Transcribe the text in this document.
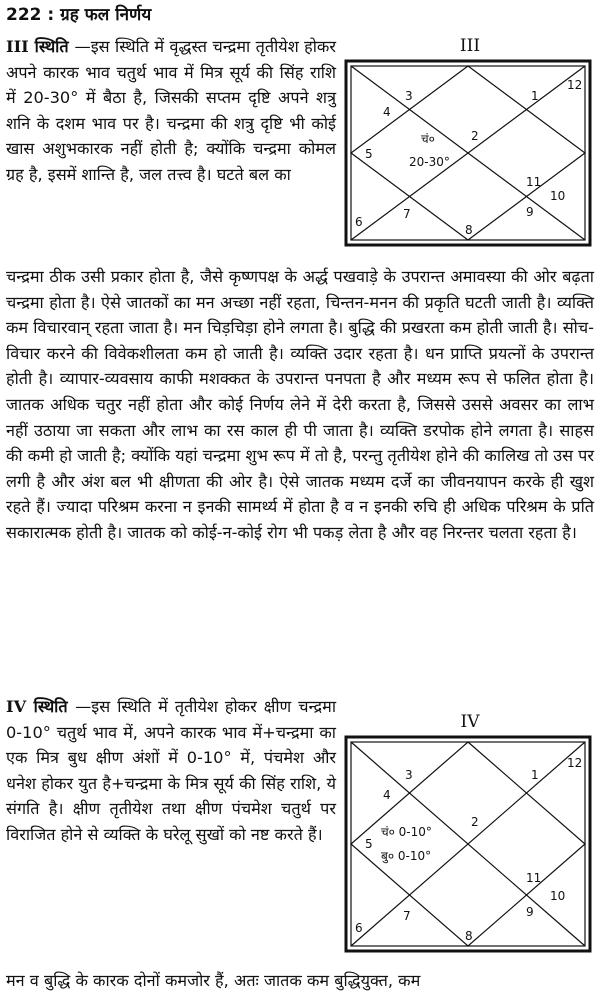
222 : ग्रह फल निर्णय

III स्थिति —इस स्थिति में वृद्धस्त चन्द्रमा तृतीयेश होकर अपने कारक भाव चतुर्थ भाव में मित्र सूर्य की सिंह राशि में 20-30° में बैठा है, जिसकी सप्तम दृष्टि अपने शत्रु शनि के दशम भाव पर है। चन्द्रमा की शत्रु दृष्टि भी कोई खास अशुभकारक नहीं होती है; क्योंकि चन्द्रमा कोमल ग्रह है, इसमें शान्ति है, जल तत्त्व है। घटते बल का

III
1
2
3
4
5
6
7
8
9
10
11
12
चं०
20-30°

चन्द्रमा ठीक उसी प्रकार होता है, जैसे कृष्णपक्ष के अर्द्ध पखवाड़े के उपरान्त अमावस्या की ओर बढ़ता चन्द्रमा होता है। ऐसे जातकों का मन अच्छा नहीं रहता, चिन्तन-मनन की प्रकृति घटती जाती है। व्यक्ति कम विचारवान् रहता जाता है। मन चिड़चिड़ा होने लगता है। बुद्धि की प्रखरता कम होती जाती है। सोच-विचार करने की विवेकशीलता कम हो जाती है। व्यक्ति उदार रहता है। धन प्राप्ति प्रयत्नों के उपरान्त होती है। व्यापार-व्यवसाय काफी मशक्कत के उपरान्त पनपता है और मध्यम रूप से फलित होता है। जातक अधिक चतुर नहीं होता और कोई निर्णय लेने में देरी करता है, जिससे उससे अवसर का लाभ नहीं उठाया जा सकता और लाभ का रस काल ही पी जाता है। व्यक्ति डरपोक होने लगता है। साहस की कमी हो जाती है; क्योंकि यहां चन्द्रमा शुभ रूप में तो है, परन्तु तृतीयेश होने की कालिख तो उस पर लगी है और अंश बल भी क्षीणता की ओर है। ऐसे जातक मध्यम दर्जे का जीवनयापन करके ही खुश रहते हैं। ज्यादा परिश्रम करना न इनकी सामर्थ्य में होता है व न इनकी रुचि ही अधिक परिश्रम के प्रति सकारात्मक होती है। जातक को कोई-न-कोई रोग भी पकड़ लेता है और वह निरन्तर चलता रहता है।

IV स्थिति —इस स्थिति में तृतीयेश होकर क्षीण चन्द्रमा 0-10° चतुर्थ भाव में, अपने कारक भाव में+चन्द्रमा का एक मित्र बुध क्षीण अंशों में 0-10° में, पंचमेश और धनेश होकर युत है+चन्द्रमा के मित्र सूर्य की सिंह राशि, ये संगति है। क्षीण तृतीयेश तथा क्षीण पंचमेश चतुर्थ पर विराजित होने से व्यक्ति के घरेलू सुखों को नष्ट करते हैं।

IV
1
2
3
4
5
6
7
8
9
10
11
12
चं० 0-10°
बु० 0-10°

मन व बुद्धि के कारक दोनों कमजोर हैं, अतः जातक कम बुद्धियुक्त, कम
